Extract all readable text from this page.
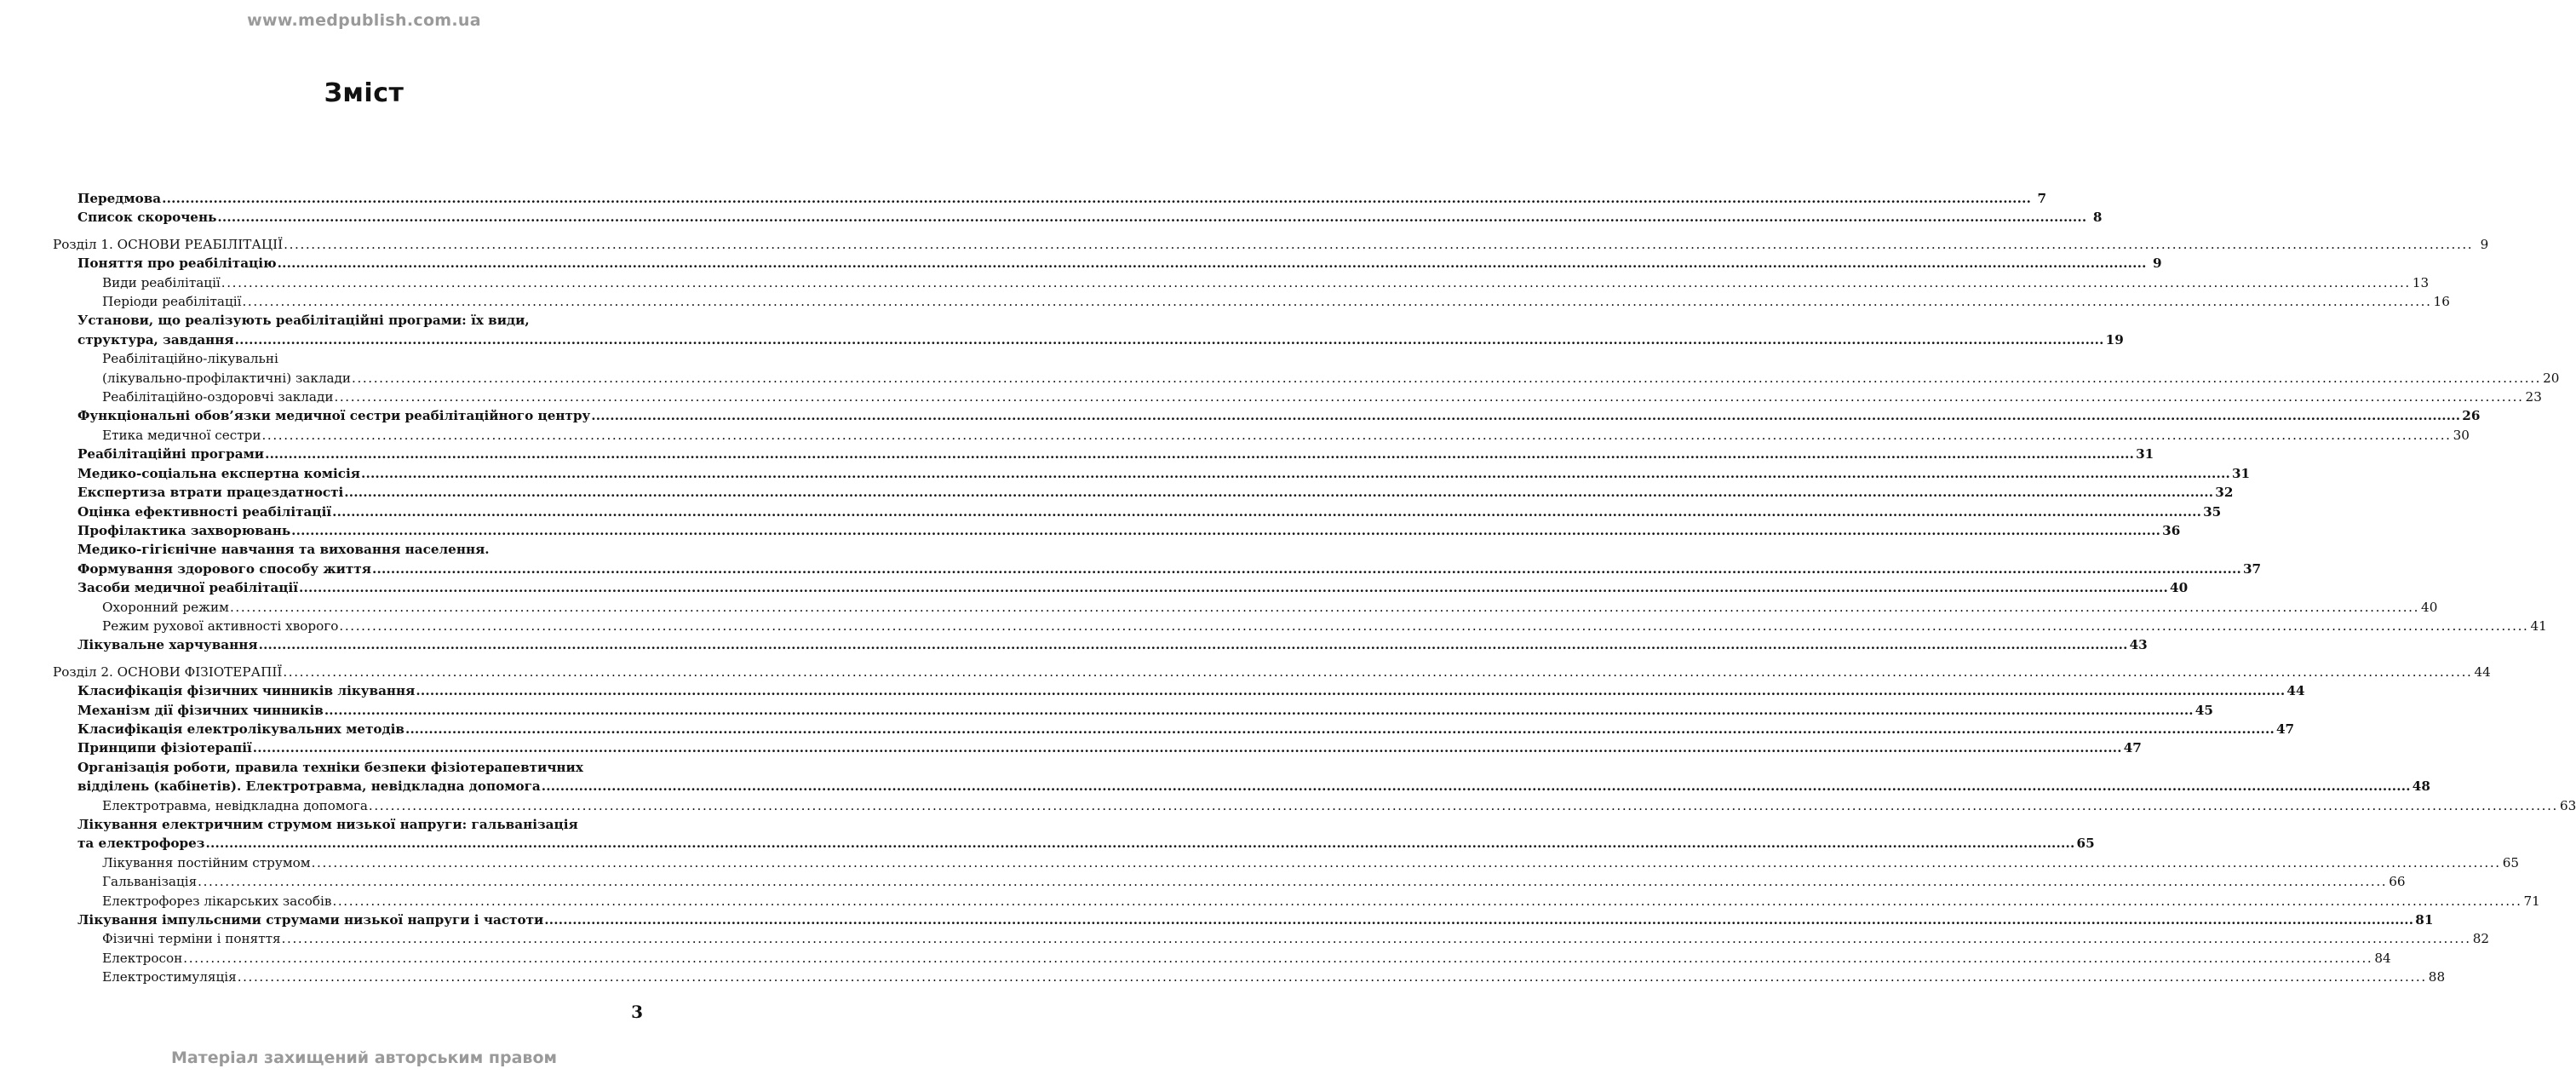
www.medpublish.com.ua
Зміст
Передмова ................................................................................................................................................................................................................................................................................................................................................................................................................ 7
Список скорочень ................................................................................................................................................................................................................................................................................................................................................................................................................ 8
Розділ 1. ОСНОВИ РЕАБІЛІТАЦІЇ ................................................................................................................................................................................................................................................................................................................................................................................................................ 9
Поняття про реабілітацію ................................................................................................................................................................................................................................................................................................................................................................................................................ 9
Види реабілітації ................................................................................................................................................................................................................................................................................................................................................................................................................ 13
Періоди реабілітації ................................................................................................................................................................................................................................................................................................................................................................................................................ 16
Установи, що реалізують реабілітаційні програми: їх види,
структура, завдання ................................................................................................................................................................................................................................................................................................................................................................................................................ 19
Реабілітаційно-лікувальні
(лікувально-профілактичні) заклади ................................................................................................................................................................................................................................................................................................................................................................................................................ 20
Реабілітаційно-оздоровчі заклади ................................................................................................................................................................................................................................................................................................................................................................................................................ 23
Функціональні обов’язки медичної сестри реабілітаційного центру ................................................................................................................................................................................................................................................................................................................................................................................................................ 26
Етика медичної сестри ................................................................................................................................................................................................................................................................................................................................................................................................................ 30
Реабілітаційні програми ................................................................................................................................................................................................................................................................................................................................................................................................................ 31
Медико-соціальна експертна комісія ................................................................................................................................................................................................................................................................................................................................................................................................................ 31
Експертиза втрати працездатності ................................................................................................................................................................................................................................................................................................................................................................................................................ 32
Оцінка ефективності реабілітації ................................................................................................................................................................................................................................................................................................................................................................................................................ 35
Профілактика захворювань ................................................................................................................................................................................................................................................................................................................................................................................................................ 36
Медико-гігієнічне навчання та виховання населення.
Формування здорового способу життя ................................................................................................................................................................................................................................................................................................................................................................................................................ 37
Засоби медичної реабілітації ................................................................................................................................................................................................................................................................................................................................................................................................................ 40
Охоронний режим ................................................................................................................................................................................................................................................................................................................................................................................................................ 40
Режим рухової активності хворого ................................................................................................................................................................................................................................................................................................................................................................................................................ 41
Лікувальне харчування ................................................................................................................................................................................................................................................................................................................................................................................................................ 43
Розділ 2. ОСНОВИ ФІЗІОТЕРАПІЇ ................................................................................................................................................................................................................................................................................................................................................................................................................ 44
Класифікація фізичних чинників лікування ................................................................................................................................................................................................................................................................................................................................................................................................................ 44
Механізм дії фізичних чинників ................................................................................................................................................................................................................................................................................................................................................................................................................ 45
Класифікація електролікувальних методів ................................................................................................................................................................................................................................................................................................................................................................................................................ 47
Принципи фізіотерапії ................................................................................................................................................................................................................................................................................................................................................................................................................ 47
Організація роботи, правила техніки безпеки фізіотерапевтичних
відділень (кабінетів). Електротравма, невідкладна допомога ................................................................................................................................................................................................................................................................................................................................................................................................................ 48
Електротравма, невідкладна допомога ................................................................................................................................................................................................................................................................................................................................................................................................................ 63
Лікування електричним струмом низької напруги: гальванізація
та електрофорез ................................................................................................................................................................................................................................................................................................................................................................................................................ 65
Лікування постійним струмом ................................................................................................................................................................................................................................................................................................................................................................................................................ 65
Гальванізація ................................................................................................................................................................................................................................................................................................................................................................................................................ 66
Електрофорез лікарських засобів ................................................................................................................................................................................................................................................................................................................................................................................................................ 71
Лікування імпульсними струмами низької напруги і частоти ................................................................................................................................................................................................................................................................................................................................................................................................................ 81
Фізичні терміни і поняття ................................................................................................................................................................................................................................................................................................................................................................................................................ 82
Електросон ................................................................................................................................................................................................................................................................................................................................................................................................................ 84
Електростимуляція ................................................................................................................................................................................................................................................................................................................................................................................................................ 88
3
Матеріал захищений авторським правом
